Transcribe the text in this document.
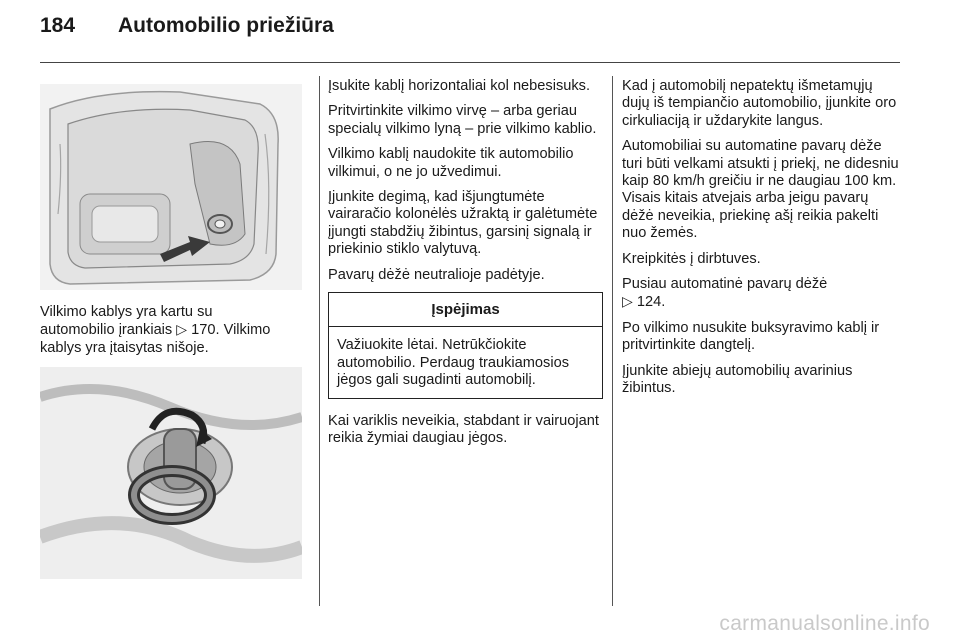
184 Automobilio priežiūra

Vilkimo kablys yra kartu su
automobilio įrankiais ▷ 170. Vilkimo
kablys yra įtaisytas nišoje.

Įsukite kablį horizontaliai kol nebesisuks.

Pritvirtinkite vilkimo virvę – arba geriau specialų vilkimo lyną – prie vilkimo kablio.

Vilkimo kablį naudokite tik automobilio vilkimui, o ne jo užvedimui.

Įjunkite degimą, kad išjungtumėte vairaračio kolonėlės užraktą ir galėtumėte įjungti stabdžių žibintus, garsinį signalą ir priekinio stiklo valytuvą.

Pavarų dėžė neutralioje padėtyje.

Įspėjimas
Važiuokite lėtai. Netrūkčiokite automobilio. Perdaug traukiamosios jėgos gali sugadinti automobilį.

Kai variklis neveikia, stabdant ir vairuojant reikia žymiai daugiau jėgos.

Kad į automobilį nepatektų išmetamųjų dujų iš tempiančio automobilio, įjunkite oro cirkuliaciją ir uždarykite langus.

Automobiliai su automatine pavarų dėže turi būti velkami atsukti į priekį, ne didesniu kaip 80 km/h greičiu ir ne daugiau 100 km. Visais kitais atvejais arba jeigu pavarų dėžė neveikia, priekinę ašį reikia pakelti nuo žemės.

Kreipkitės į dirbtuves.

Pusiau automatinė pavarų dėžė
▷ 124.

Po vilkimo nusukite buksyravimo kablį ir pritvirtinkite dangtelį.

Įjunkite abiejų automobilių avarinius žibintus.

carmanualsonline.info
